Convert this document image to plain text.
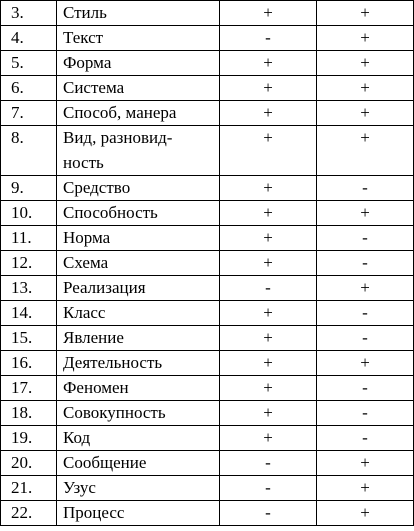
3.	Стиль	+	+
4.	Текст	-	+
5.	Форма	+	+
6.	Система	+	+
7.	Способ, манера	+	+
8.	Вид, разновид-
ность	+	+
9.	Средство	+	-
10.	Способность	+	+
11.	Норма	+	-
12.	Схема	+	-
13.	Реализация	-	+
14.	Класс	+	-
15.	Явление	+	-
16.	Деятельность	+	+
17.	Феномен	+	-
18.	Совокупность	+	-
19.	Код	+	-
20.	Сообщение	-	+
21.	Узус	-	+
22.	Процесс	-	+
